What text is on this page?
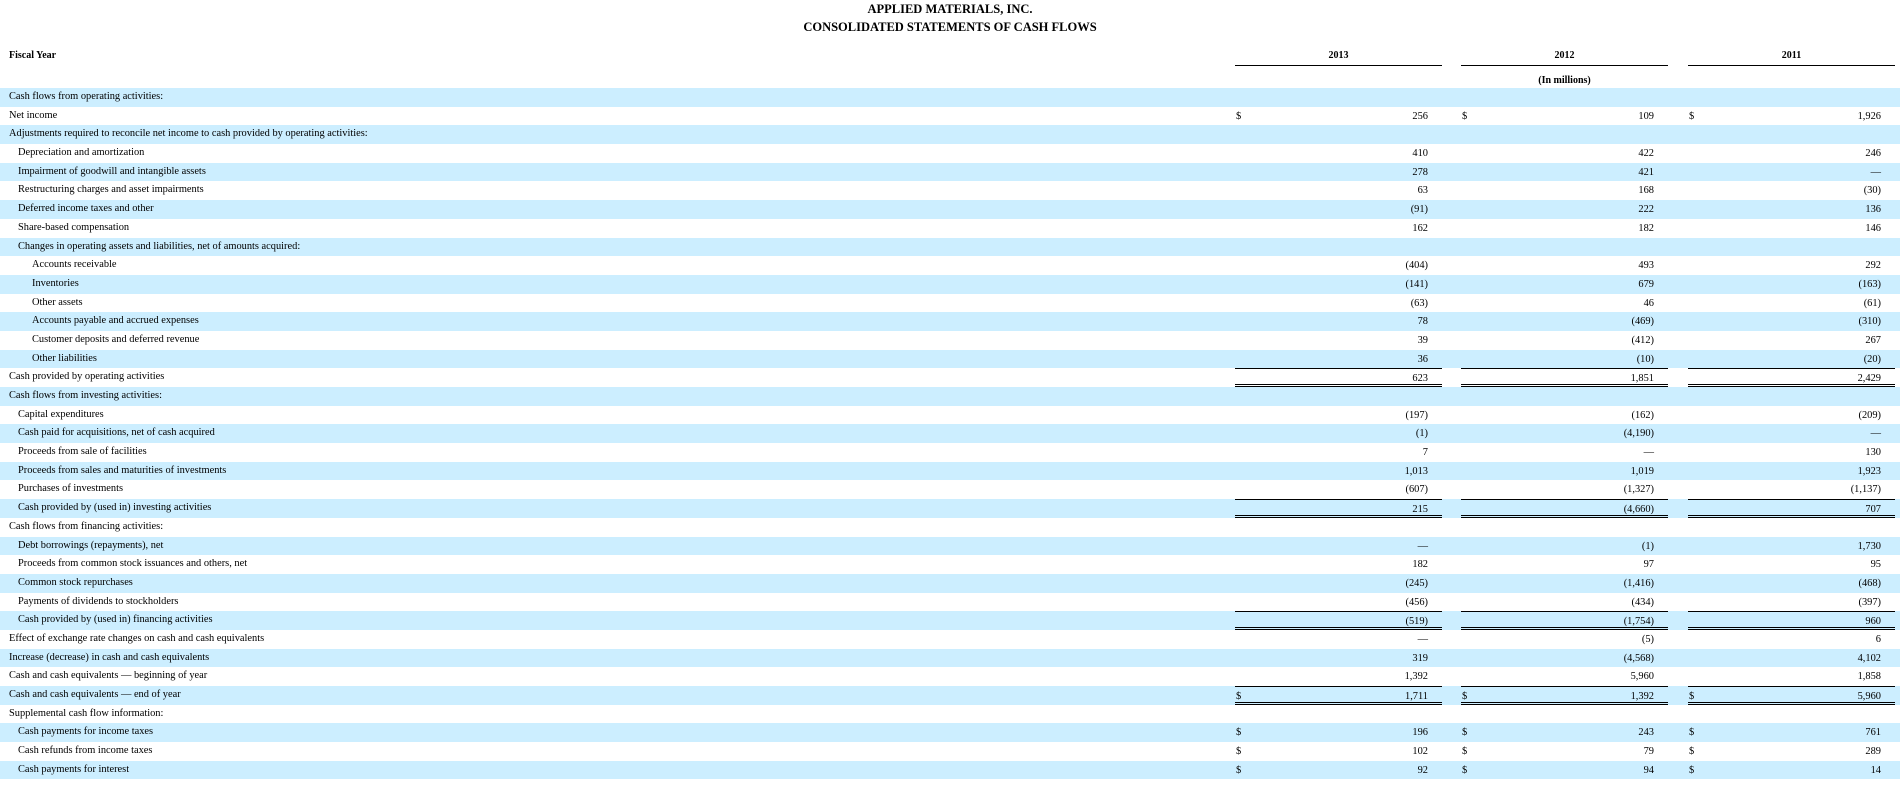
APPLIED MATERIALS, INC.
CONSOLIDATED STATEMENTS OF CASH FLOWS
Fiscal Year	2013	2012	2011
(In millions)
Cash flows from operating activities:
Net income	$	256	$	109	$	1,926
Adjustments required to reconcile net income to cash provided by operating activities:
Depreciation and amortization	410	422	246
Impairment of goodwill and intangible assets	278	421	—
Restructuring charges and asset impairments	63	168	(30)
Deferred income taxes and other	(91)	222	136
Share-based compensation	162	182	146
Changes in operating assets and liabilities, net of amounts acquired:
Accounts receivable	(404)	493	292
Inventories	(141)	679	(163)
Other assets	(63)	46	(61)
Accounts payable and accrued expenses	78	(469)	(310)
Customer deposits and deferred revenue	39	(412)	267
Other liabilities	36	(10)	(20)
Cash provided by operating activities	623	1,851	2,429
Cash flows from investing activities:
Capital expenditures	(197)	(162)	(209)
Cash paid for acquisitions, net of cash acquired	(1)	(4,190)	—
Proceeds from sale of facilities	7	—	130
Proceeds from sales and maturities of investments	1,013	1,019	1,923
Purchases of investments	(607)	(1,327)	(1,137)
Cash provided by (used in) investing activities	215	(4,660)	707
Cash flows from financing activities:
Debt borrowings (repayments), net	—	(1)	1,730
Proceeds from common stock issuances and others, net	182	97	95
Common stock repurchases	(245)	(1,416)	(468)
Payments of dividends to stockholders	(456)	(434)	(397)
Cash provided by (used in) financing activities	(519)	(1,754)	960
Effect of exchange rate changes on cash and cash equivalents	—	(5)	6
Increase (decrease) in cash and cash equivalents	319	(4,568)	4,102
Cash and cash equivalents — beginning of year	1,392	5,960	1,858
Cash and cash equivalents — end of year	$	1,711	$	1,392	$	5,960
Supplemental cash flow information:
Cash payments for income taxes	$	196	$	243	$	761
Cash refunds from income taxes	$	102	$	79	$	289
Cash payments for interest	$	92	$	94	$	14
